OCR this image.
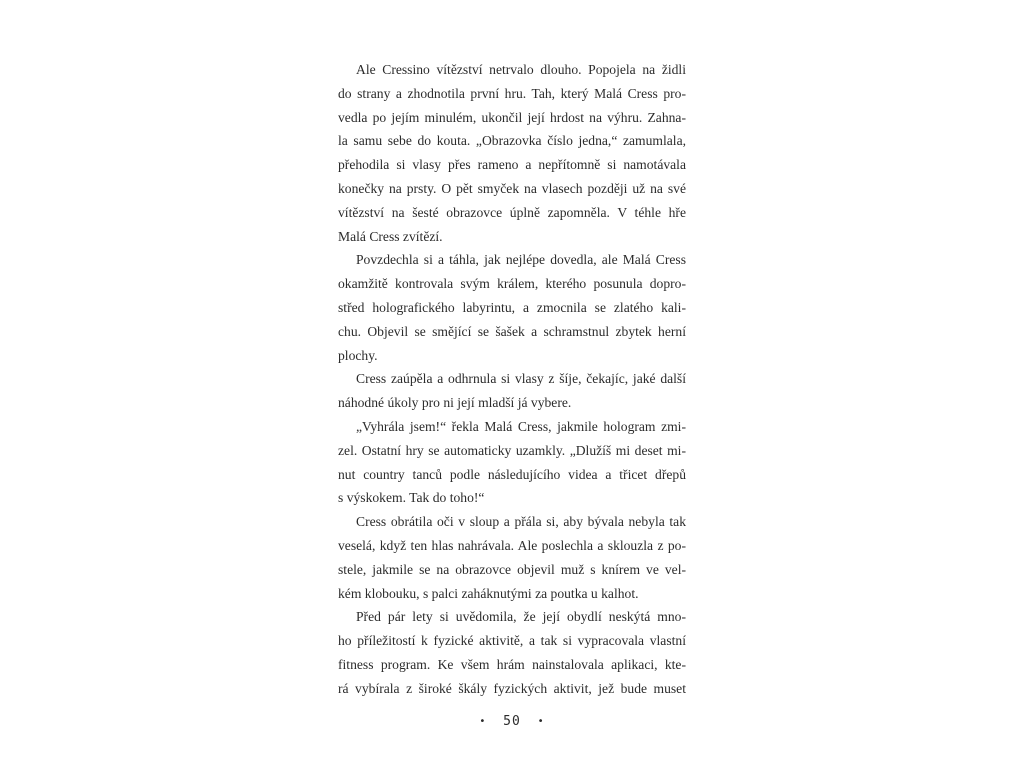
Ale Cressino vítězství netrvalo dlouho. Popojela na židli
do strany a zhodnotila první hru. Tah, který Malá Cress pro-
vedla po jejím minulém, ukončil její hrdost na výhru. Zahna-
la samu sebe do kouta. „Obrazovka číslo jedna,“ zamumlala,
přehodila si vlasy přes rameno a nepřítomně si namotávala
konečky na prsty. O pět smyček na vlasech později už na své
vítězství na šesté obrazovce úplně zapomněla. V téhle hře
Malá Cress zvítězí.
Povzdechla si a táhla, jak nejlépe dovedla, ale Malá Cress
okamžitě kontrovala svým králem, kterého posunula dopro-
střed holografického labyrintu, a zmocnila se zlatého kali-
chu. Objevil se smějící se šašek a schramstnul zbytek herní
plochy.
Cress zaúpěla a odhrnula si vlasy z šíje, čekajíc, jaké další
náhodné úkoly pro ni její mladší já vybere.
„Vyhrála jsem!“ řekla Malá Cress, jakmile hologram zmi-
zel. Ostatní hry se automaticky uzamkly. „Dlužíš mi deset mi-
nut country tanců podle následujícího videa a třicet dřepů
s výskokem. Tak do toho!“
Cress obrátila oči v sloup a přála si, aby bývala nebyla tak
veselá, když ten hlas nahrávala. Ale poslechla a sklouzla z po-
stele, jakmile se na obrazovce objevil muž s knírem ve vel-
kém klobouku, s palci zaháknutými za poutka u kalhot.
Před pár lety si uvědomila, že její obydlí neskýtá mno-
ho příležitostí k fyzické aktivitě, a tak si vypracovala vlastní
fitness program. Ke všem hrám nainstalovala aplikaci, kte-
rá vybírala z široké škály fyzických aktivit, jež bude muset
• 50 •
